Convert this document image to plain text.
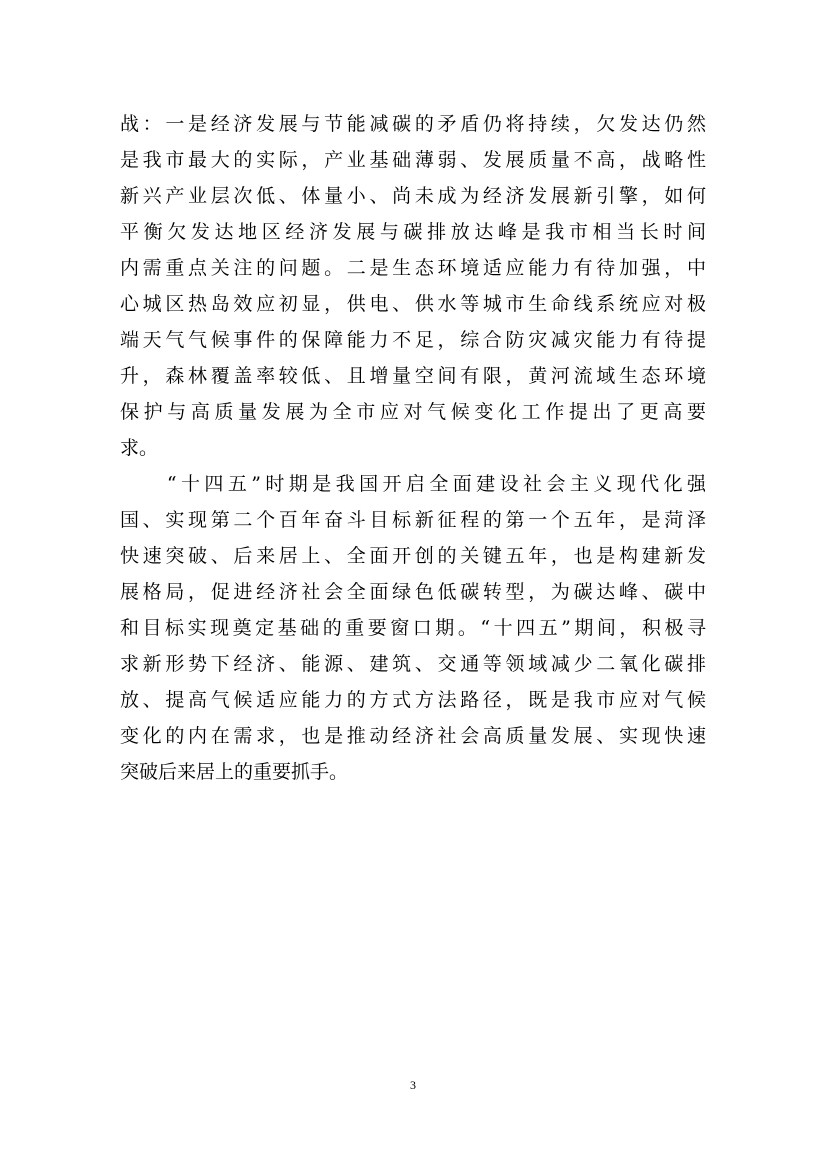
战：一是经济发展与节能减碳的矛盾仍将持续，欠发达仍然
是我市最大的实际，产业基础薄弱、发展质量不高，战略性
新兴产业层次低、体量小、尚未成为经济发展新引擎，如何
平衡欠发达地区经济发展与碳排放达峰是我市相当长时间
内需重点关注的问题。二是生态环境适应能力有待加强，中
心城区热岛效应初显，供电、供水等城市生命线系统应对极
端天气气候事件的保障能力不足，综合防灾减灾能力有待提
升，森林覆盖率较低、且增量空间有限，黄河流域生态环境
保护与高质量发展为全市应对气候变化工作提出了更高要
求。
　　“十四五”时期是我国开启全面建设社会主义现代化强
国、实现第二个百年奋斗目标新征程的第一个五年，是菏泽
快速突破、后来居上、全面开创的关键五年，也是构建新发
展格局，促进经济社会全面绿色低碳转型，为碳达峰、碳中
和目标实现奠定基础的重要窗口期。“十四五”期间，积极寻
求新形势下经济、能源、建筑、交通等领域减少二氧化碳排
放、提高气候适应能力的方式方法路径，既是我市应对气候
变化的内在需求，也是推动经济社会高质量发展、实现快速
突破后来居上的重要抓手。
3
